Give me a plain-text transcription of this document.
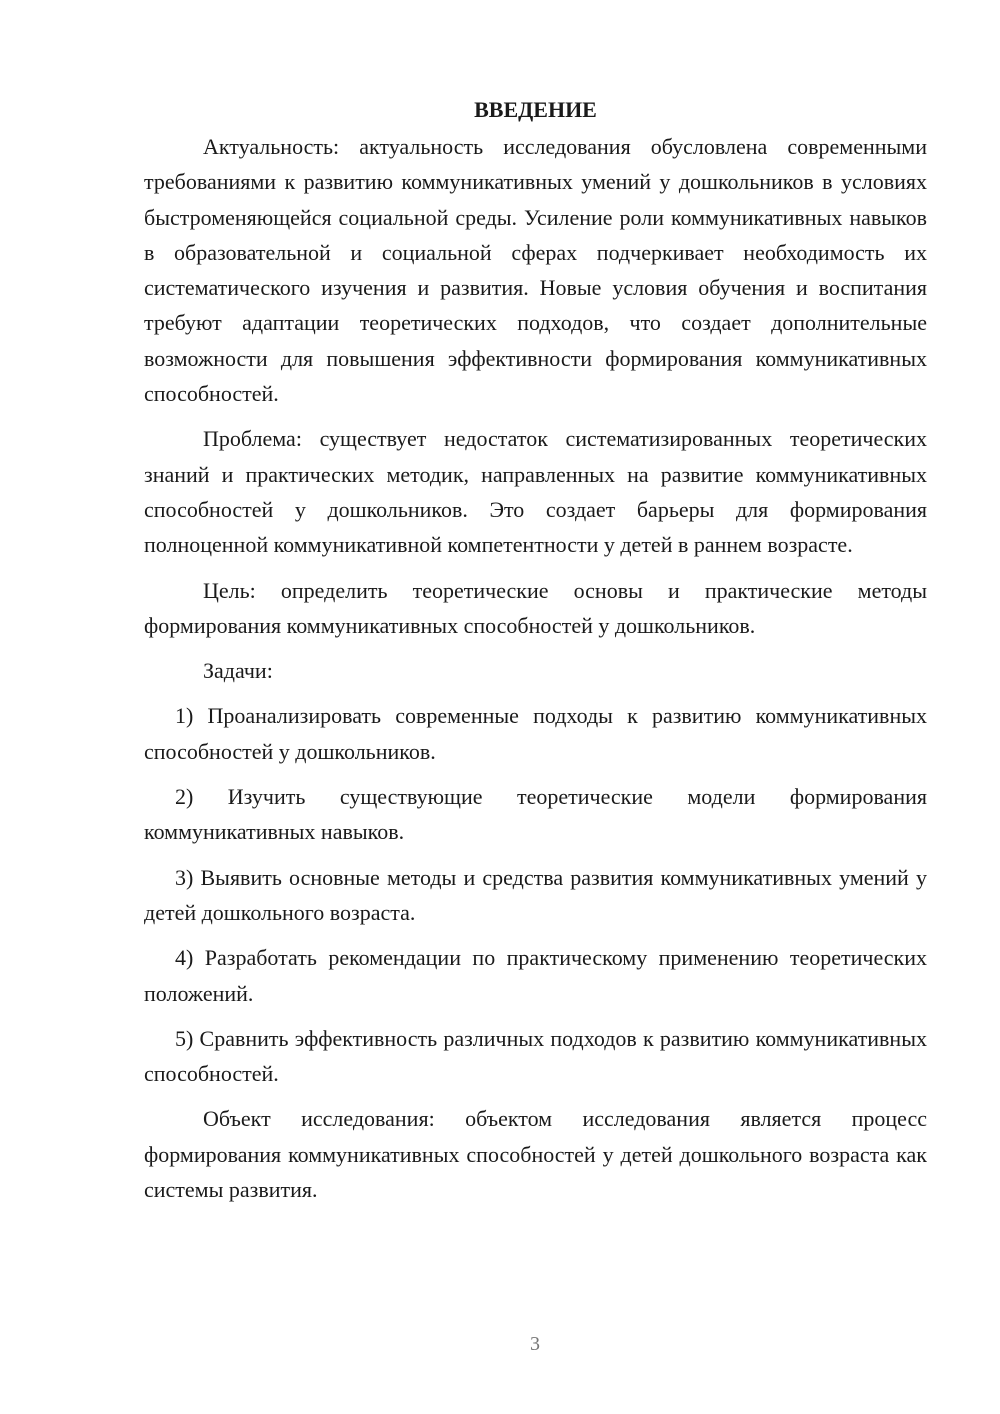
ВВЕДЕНИЕ

Актуальность: актуальность исследования обусловлена современными требованиями к развитию коммуникативных умений у дошкольников в условиях быстроменяющейся социальной среды. Усиление роли коммуникативных навыков в образовательной и социальной сферах подчеркивает необходимость их систематического изучения и развития. Новые условия обучения и воспитания требуют адаптации теоретических подходов, что создает дополнительные возможности для повышения эффективности формирования коммуникативных способностей.

Проблема: существует недостаток систематизированных теоретических знаний и практических методик, направленных на развитие коммуникативных способностей у дошкольников. Это создает барьеры для формирования полноценной коммуникативной компетентности у детей в раннем возрасте.

Цель: определить теоретические основы и практические методы формирования коммуникативных способностей у дошкольников.

Задачи:

1) Проанализировать современные подходы к развитию коммуникативных способностей у дошкольников.

2) Изучить существующие теоретические модели формирования коммуникативных навыков.

3) Выявить основные методы и средства развития коммуникативных умений у детей дошкольного возраста.

4) Разработать рекомендации по практическому применению теоретических положений.

5) Сравнить эффективность различных подходов к развитию коммуникативных способностей.

Объект исследования: объектом исследования является процесс формирования коммуникативных способностей у детей дошкольного возраста как системы развития.

3
